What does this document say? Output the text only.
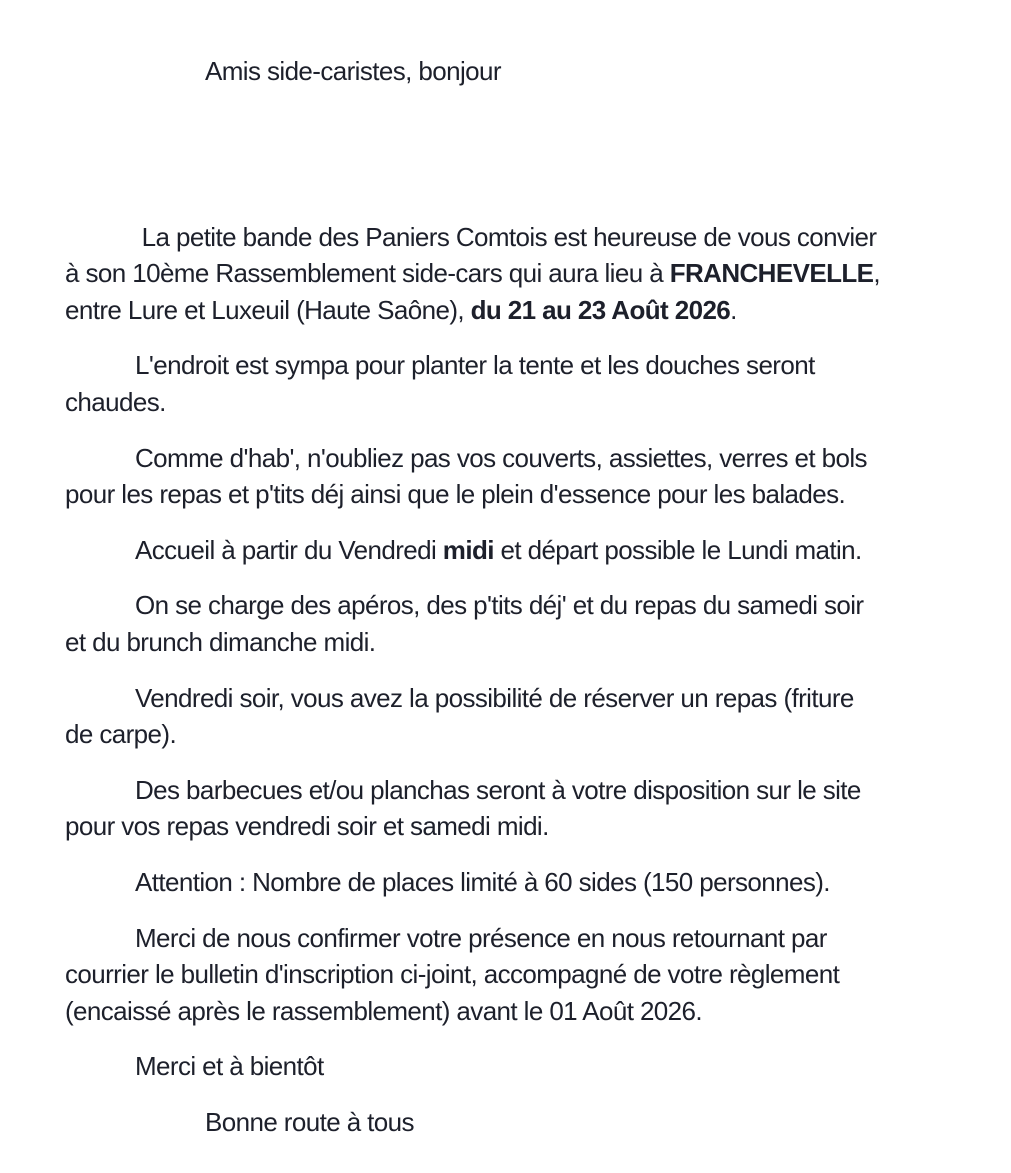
Amis side-caristes, bonjour

La petite bande des Paniers Comtois est heureuse de vous convier
à son 10ème Rassemblement side-cars qui aura lieu à FRANCHEVELLE,
entre Lure et Luxeuil (Haute Saône), du 21 au 23 Août 2026.

L'endroit est sympa pour planter la tente et les douches seront
chaudes.

Comme d'hab', n'oubliez pas vos couverts, assiettes, verres et bols
pour les repas et p'tits déj ainsi que le plein d'essence pour les balades.

Accueil à partir du Vendredi midi et départ possible le Lundi matin.

On se charge des apéros, des p'tits déj' et du repas du samedi soir
et du brunch dimanche midi.

Vendredi soir, vous avez la possibilité de réserver un repas (friture
de carpe).

Des barbecues et/ou planchas seront à votre disposition sur le site
pour vos repas vendredi soir et samedi midi.

Attention : Nombre de places limité à 60 sides (150 personnes).

Merci de nous confirmer votre présence en nous retournant par
courrier le bulletin d'inscription ci-joint, accompagné de votre règlement
(encaissé après le rassemblement) avant le 01 Août 2026.

Merci et à bientôt

Bonne route à tous
